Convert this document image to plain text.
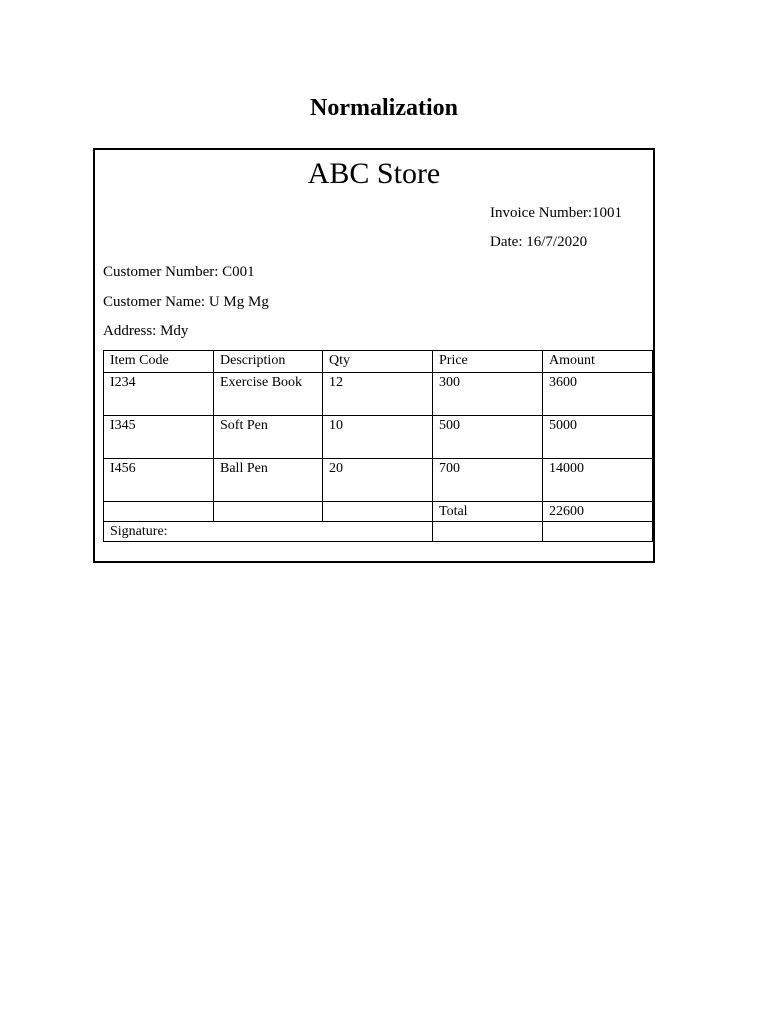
Normalization
ABC Store
Invoice Number:1001
Date: 16/7/2020
Customer Number: C001
Customer Name: U Mg Mg
Address: Mdy
Item Code	Description	Qty	Price	Amount
I234	Exercise Book	12	300	3600
I345	Soft Pen	10	500	5000
I456	Ball Pen	20	700	14000
			Total	22600
Signature:				
